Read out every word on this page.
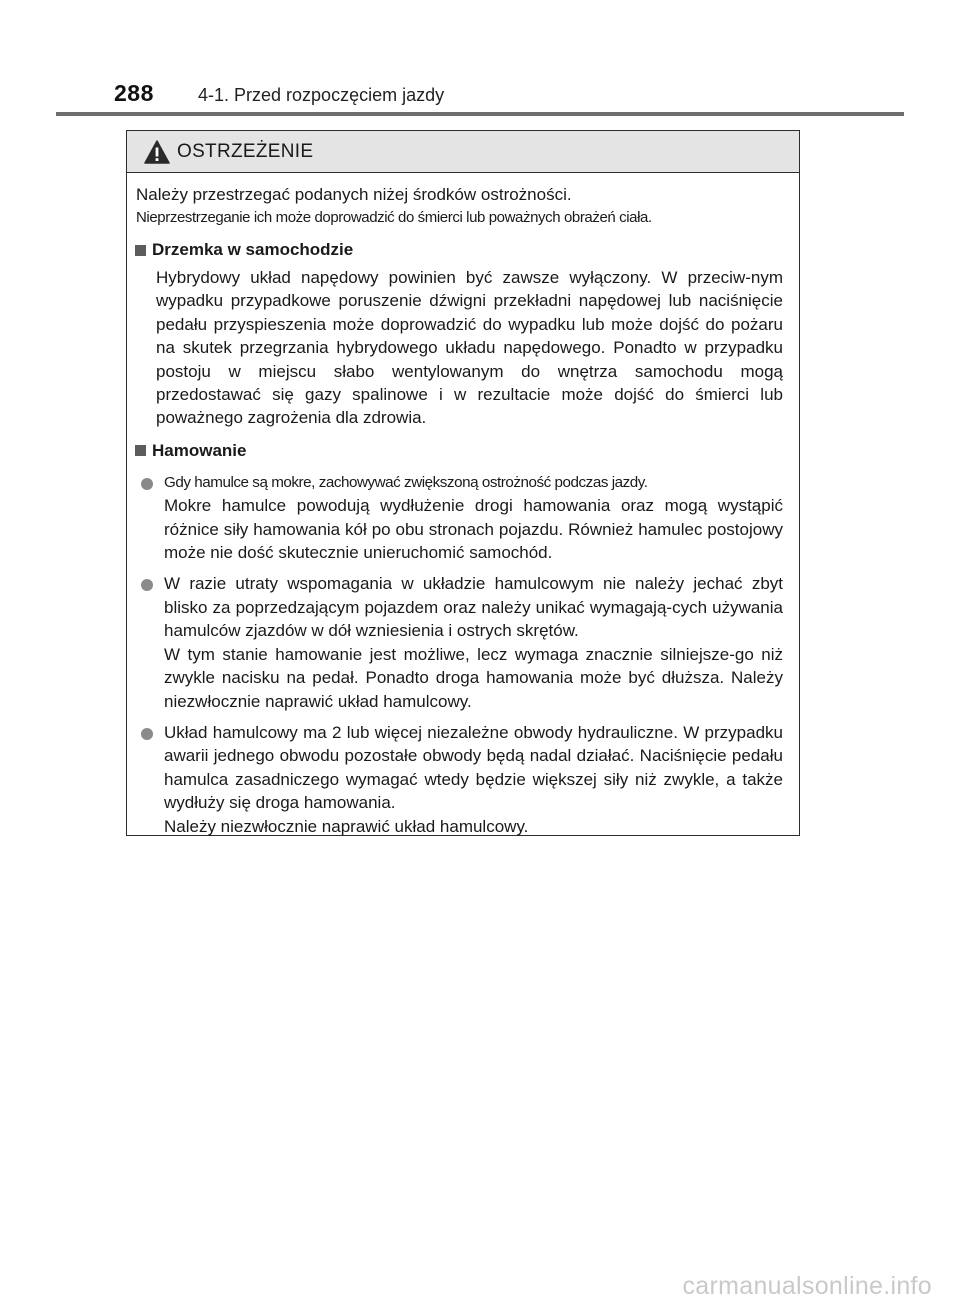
288 4-1. Przed rozpoczęciem jazdy
OSTRZEŻENIE
Należy przestrzegać podanych niżej środków ostrożności.
Nieprzestrzeganie ich może doprowadzić do śmierci lub poważnych obrażeń ciała.
Drzemka w samochodzie
Hybrydowy układ napędowy powinien być zawsze wyłączony. W przeciw-nym wypadku przypadkowe poruszenie dźwigni przekładni napędowej lub naciśnięcie pedału przyspieszenia może doprowadzić do wypadku lub może dojść do pożaru na skutek przegrzania hybrydowego układu napędowego. Ponadto w przypadku postoju w miejscu słabo wentylowanym do wnętrza samochodu mogą przedostawać się gazy spalinowe i w rezultacie może dojść do śmierci lub poważnego zagrożenia dla zdrowia.
Hamowanie
Gdy hamulce są mokre, zachowywać zwiększoną ostrożność podczas jazdy.
Mokre hamulce powodują wydłużenie drogi hamowania oraz mogą wystąpić różnice siły hamowania kół po obu stronach pojazdu. Również hamulec postojowy może nie dość skutecznie unieruchomić samochód.
W razie utraty wspomagania w układzie hamulcowym nie należy jechać zbyt blisko za poprzedzającym pojazdem oraz należy unikać wymagają-cych używania hamulców zjazdów w dół wzniesienia i ostrych skrętów.
W tym stanie hamowanie jest możliwe, lecz wymaga znacznie silniejsze-go niż zwykle nacisku na pedał. Ponadto droga hamowania może być dłuższa. Należy niezwłocznie naprawić układ hamulcowy.
Układ hamulcowy ma 2 lub więcej niezależne obwody hydrauliczne. W przypadku awarii jednego obwodu pozostałe obwody będą nadal działać. Naciśnięcie pedału hamulca zasadniczego wymagać wtedy będzie większej siły niż zwykle, a także wydłuży się droga hamowania.
Należy niezwłocznie naprawić układ hamulcowy.
carmanualsonline.info
